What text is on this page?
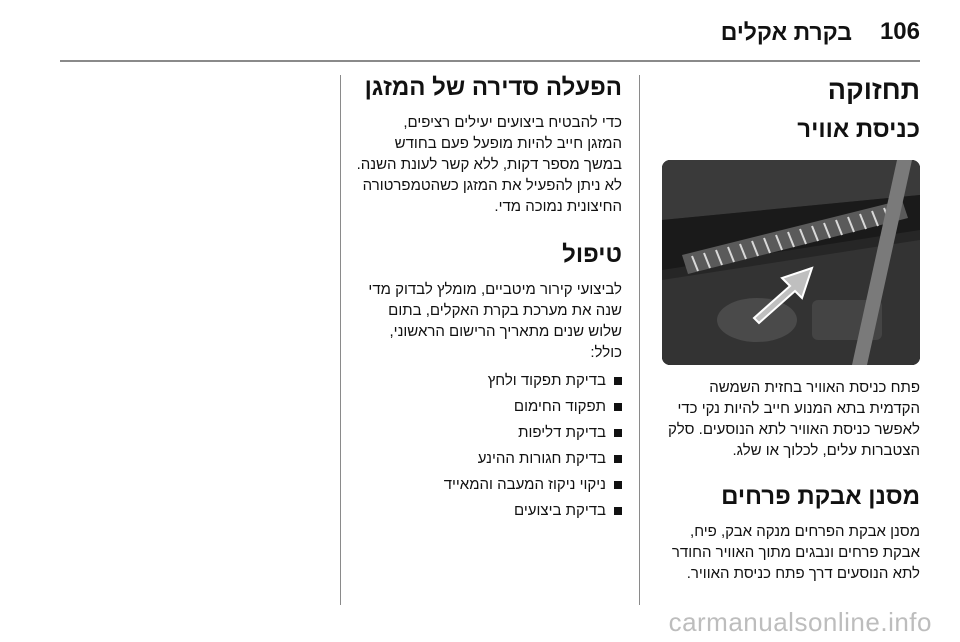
106
בקרת אקלים
תחזוקה
כניסת אוויר

פתח כניסת האוויר בחזית השמשה
הקדמית בתא המנוע חייב להיות נקי כדי
לאפשר כניסת האוויר לתא הנוסעים. סלק
הצטברות עלים, לכלוך או שלג.

מסנן אבקת פרחים

מסנן אבקת הפרחים מנקה אבק, פיח,
אבקת פרחים ונבגים מתוך האוויר החודר
לתא הנוסעים דרך פתח כניסת האוויר.

הפעלה סדירה של המזגן

כדי להבטיח ביצועים יעילים רציפים,
המזגן חייב להיות מופעל פעם בחודש
במשך מספר דקות, ללא קשר לעונת השנה.
לא ניתן להפעיל את המזגן כשהטמפרטורה
החיצונית נמוכה מדי.

טיפול

לביצועי קירור מיטביים, מומלץ לבדוק מדי
שנה את מערכת בקרת האקלים, בתום
שלוש שנים מתאריך הרישום הראשוני,
כולל:

בדיקת תפקוד ולחץ
תפקוד החימום
בדיקת דליפות
בדיקת חגורות ההינע
ניקוי ניקוז המעבה והמאייד
בדיקת ביצועים
carmanualsonline.info
